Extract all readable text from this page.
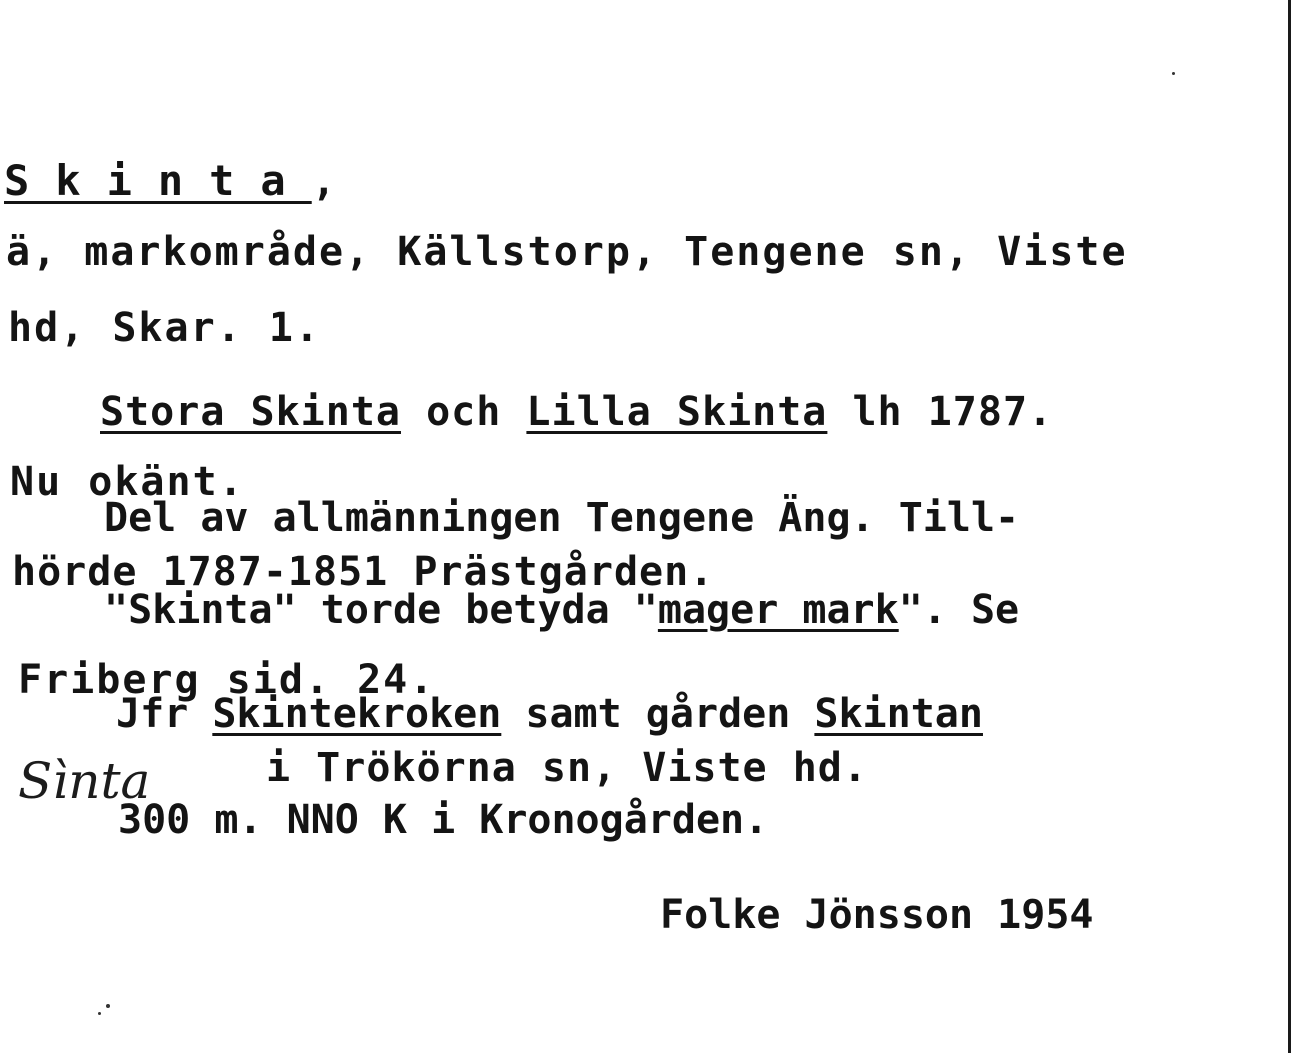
Skinta,
ä, markområde, Källstorp, Tengene sn, Viste
hd, Skar. 1.
Stora Skinta och Lilla Skinta lh 1787.
Nu okänt.
Del av allmänningen Tengene Äng. Till-
hörde 1787-1851 Prästgården.
"Skinta" torde betyda "mager mark". Se
Friberg sid. 24.
Jfr Skintekroken samt gården Skintan
Sìnta	i Trökörna sn, Viste hd.
300 m. NNO K i Kronogården.
Folke Jönsson 1954
